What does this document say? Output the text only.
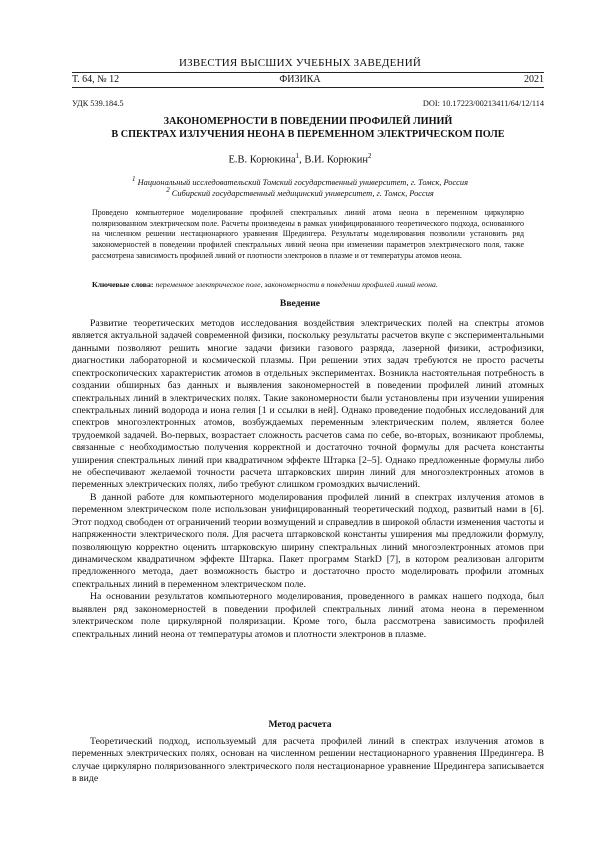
ИЗВЕСТИЯ ВЫСШИХ УЧЕБНЫХ ЗАВЕДЕНИЙ
Т. 64, № 12	ФИЗИКА	2021
УДК 539.184.5	DOI: 10.17223/00213411/64/12/114
ЗАКОНОМЕРНОСТИ В ПОВЕДЕНИИ ПРОФИЛЕЙ ЛИНИЙ
В СПЕКТРАХ ИЗЛУЧЕНИЯ НЕОНА В ПЕРЕМЕННОМ ЭЛЕКТРИЧЕСКОМ ПОЛЕ
Е.В. Корюкина$^1$, В.И. Корюкин$^2$
$^1$ Национальный исследовательский Томский государственный университет, г. Томск, Россия
$^2$ Сибирский государственный медицинский университет, г. Томск, Россия
Проведено компьютерное моделирование профилей спектральных линий атома неона в переменном циркулярно поляризованном электрическом поле. Расчеты произведены в рамках унифицированного теоретического подхода, основанного на численном решении нестационарного уравнения Шредингера. Результаты моделирования позволили установить ряд закономерностей в поведении профилей спектральных линий неона при изменении параметров электрического поля, также рассмотрена зависимость профилей линий от плотности электронов в плазме и от температуры атомов неона.
Ключевые слова: переменное электрическое поле, закономерности в поведении профилей линий неона.
Введение

Развитие теоретических методов исследования воздействия электрических полей на спектры атомов является актуальной задачей современной физики, поскольку результаты расчетов вкупе с экспериментальными данными позволяют решить многие задачи физики газового разряда, лазерной физики, астрофизики, диагностики лабораторной и космической плазмы. При решении этих задач требуются не просто расчеты спектроскопических характеристик атомов в отдельных экспериментах. Возникла настоятельная потребность в создании обширных баз данных и выявления закономерностей в поведении профилей линий атомных спектральных линий в электрических полях. Такие закономерности были установлены при изучении уширения спектральных линий водорода и иона гелия [1 и ссылки в ней]. Однако проведение подобных исследований для спектров многоэлектронных атомов, возбуждаемых переменным электрическим полем, является более трудоемкой задачей. Во-первых, возрастает сложность расчетов сама по себе, во-вторых, возникают проблемы, связанные с необходимостью получения корректной и достаточно точной формулы для расчета константы уширения спектральных линий при квадратичном эффекте Штарка [2–5]. Однако предложенные формулы либо не обеспечивают желаемой точности расчета штарковских ширин линий для многоэлектронных атомов в переменных электрических полях, либо требуют слишком громоздких вычислений.

В данной работе для компьютерного моделирования профилей линий в спектрах излучения атомов в переменном электрическом поле использован унифицированный теоретический подход, развитый нами в [6]. Этот подход свободен от ограничений теории возмущений и справедлив в широкой области изменения частоты и напряженности электрического поля. Для расчета штарковской константы уширения мы предложили формулу, позволяющую корректно оценить штарковскую ширину спектральных линий многоэлектронных атомов при динамическом квадратичном эффекте Штарка. Пакет программ StarkD [7], в котором реализован алгоритм предложенного метода, дает возможность быстро и достаточно просто моделировать профили атомных спектральных линий в переменном электрическом поле.

На основании результатов компьютерного моделирования, проведенного в рамках нашего подхода, был выявлен ряд закономерностей в поведении профилей спектральных линий атома неона в переменном электрическом поле циркулярной поляризации. Кроме того, была рассмотрена зависимость профилей спектральных линий неона от температуры атомов и плотности электронов в плазме.

Метод расчета

Теоретический подход, используемый для расчета профилей линий в спектрах излучения атомов в переменных электрических полях, основан на численном решении нестационарного уравнения Шредингера. В случае циркулярно поляризованного электрического поля нестационарное уравнение Шредингера записывается в виде
